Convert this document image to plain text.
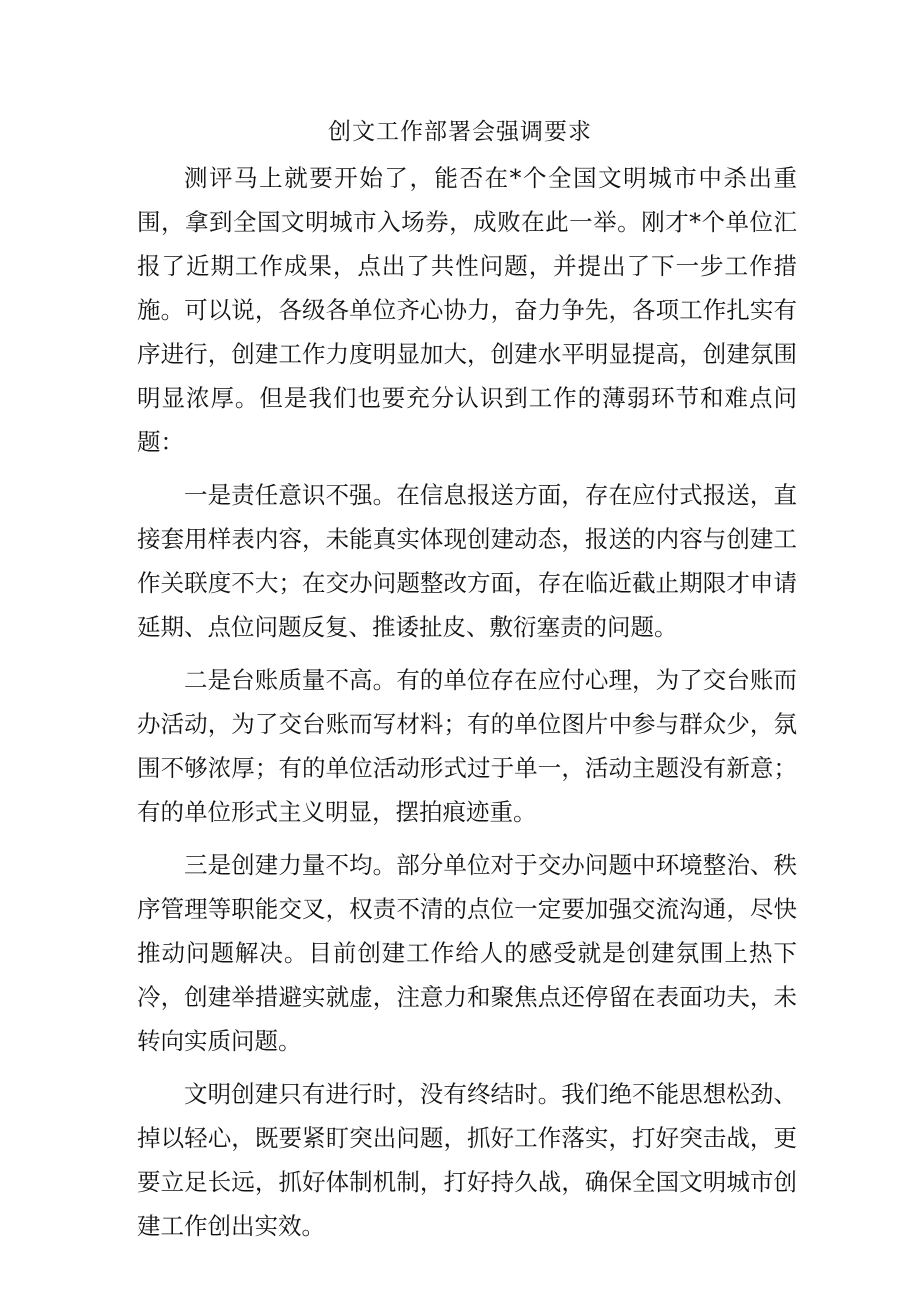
创文工作部署会强调要求

测评马上就要开始了，能否在*个全国文明城市中杀出重围，拿到全国文明城市入场券，成败在此一举。刚才*个单位汇报了近期工作成果，点出了共性问题，并提出了下一步工作措施。可以说，各级各单位齐心协力，奋力争先，各项工作扎实有序进行，创建工作力度明显加大，创建水平明显提高，创建氛围明显浓厚。但是我们也要充分认识到工作的薄弱环节和难点问题：

一是责任意识不强。在信息报送方面，存在应付式报送，直接套用样表内容，未能真实体现创建动态，报送的内容与创建工作关联度不大；在交办问题整改方面，存在临近截止期限才申请延期、点位问题反复、推诿扯皮、敷衍塞责的问题。

二是台账质量不高。有的单位存在应付心理，为了交台账而办活动，为了交台账而写材料；有的单位图片中参与群众少，氛围不够浓厚；有的单位活动形式过于单一，活动主题没有新意；有的单位形式主义明显，摆拍痕迹重。

三是创建力量不均。部分单位对于交办问题中环境整治、秩序管理等职能交叉，权责不清的点位一定要加强交流沟通，尽快推动问题解决。目前创建工作给人的感受就是创建氛围上热下冷，创建举措避实就虚，注意力和聚焦点还停留在表面功夫，未转向实质问题。

文明创建只有进行时，没有终结时。我们绝不能思想松劲、掉以轻心，既要紧盯突出问题，抓好工作落实，打好突击战，更要立足长远，抓好体制机制，打好持久战，确保全国文明城市创建工作创出实效。
